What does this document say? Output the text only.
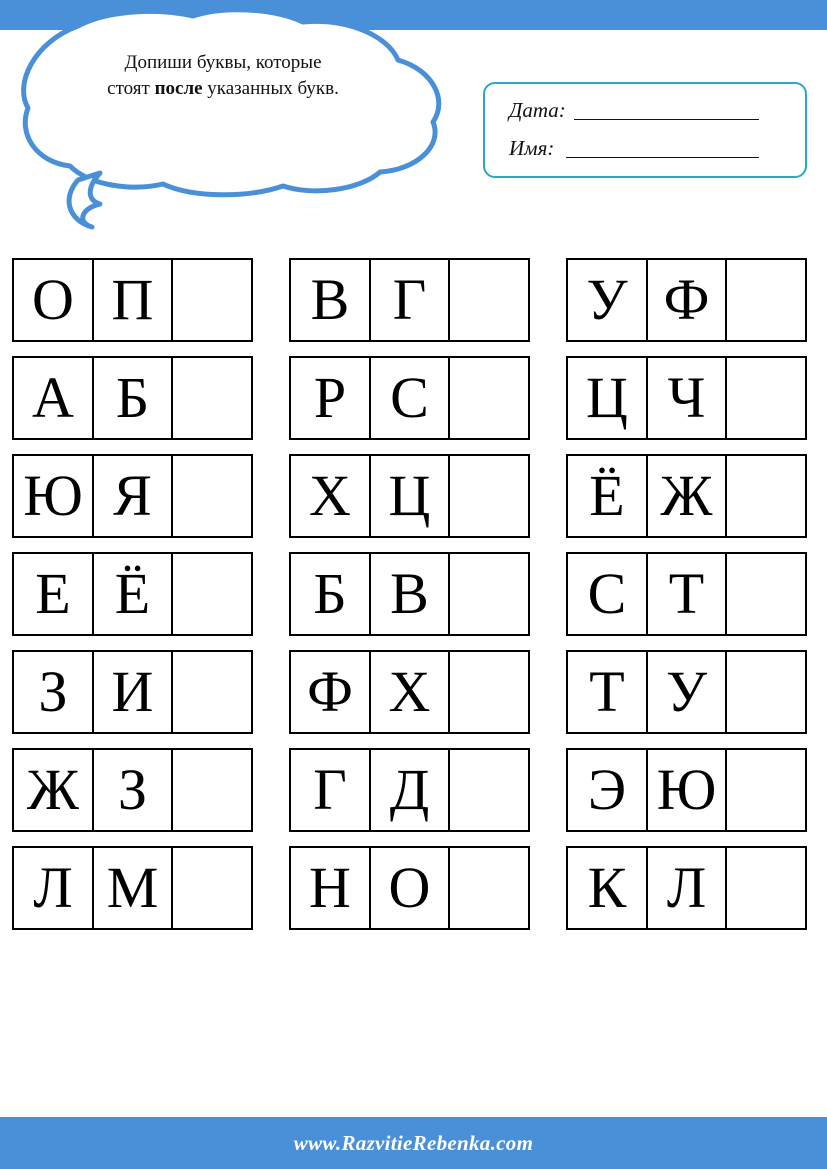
Допиши буквы, которые
стоят после указанных букв.
Дата:
Имя:
О П	В Г	У Ф
А Б	Р С	Ц Ч
Ю Я	Х Ц	Ё Ж
Е Ё	Б В	С Т
З И	Ф Х	Т У
Ж З	Г Д	Э Ю
Л М	Н О	К Л
www.RazvitieRebenka.com
